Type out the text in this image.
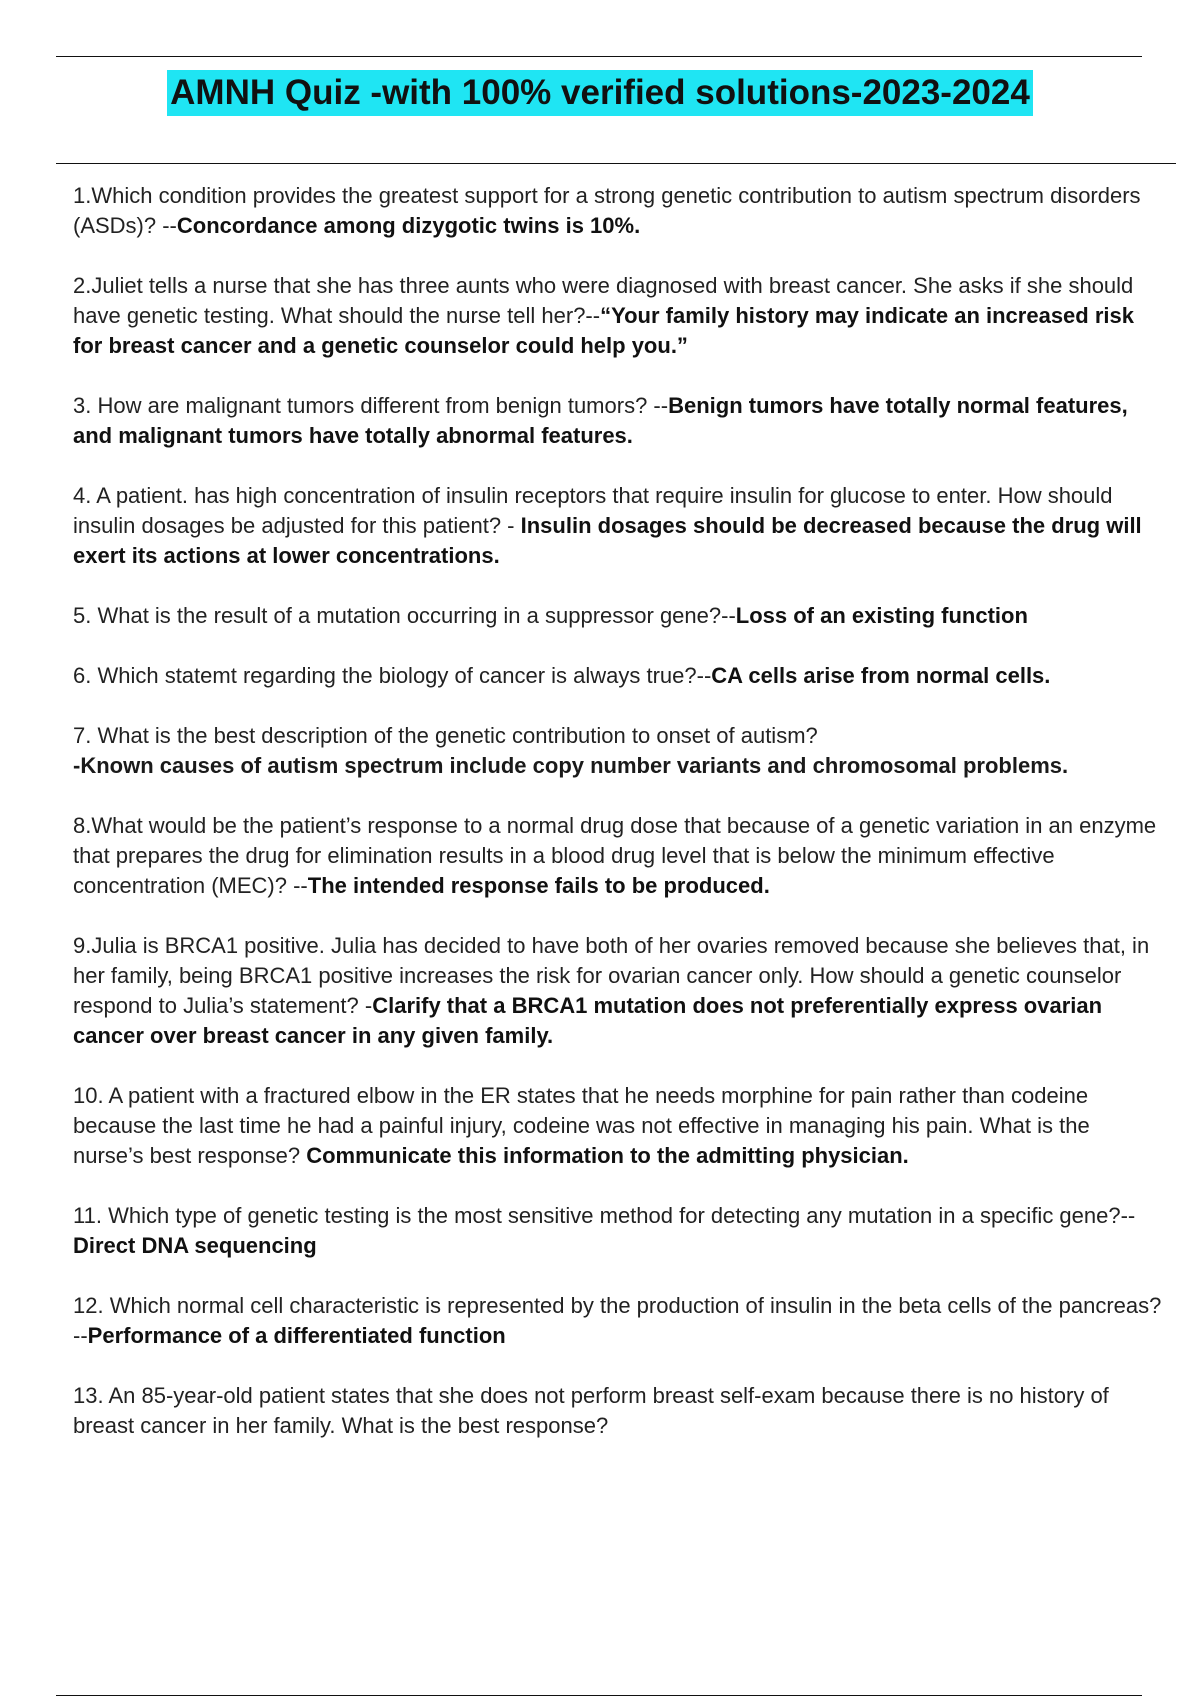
AMNH Quiz -with 100% verified solutions-2023-2024

1.Which condition provides the greatest support for a strong genetic contribution to autism spectrum disorders (ASDs)? --Concordance among dizygotic twins is 10%.

2.Juliet tells a nurse that she has three aunts who were diagnosed with breast cancer. She asks if she should have genetic testing. What should the nurse tell her?--“Your family history may indicate an increased risk for breast cancer and a genetic counselor could help you.”

3. How are malignant tumors different from benign tumors? --Benign tumors have totally normal features, and malignant tumors have totally abnormal features.

4. A patient. has high concentration of insulin receptors that require insulin for glucose to enter. How should insulin dosages be adjusted for this patient? - Insulin dosages should be decreased because the drug will exert its actions at lower concentrations.

5. What is the result of a mutation occurring in a suppressor gene?--Loss of an existing function

6. Which statemt regarding the biology of cancer is always true?--CA cells arise from normal cells.

7. What is the best description of the genetic contribution to onset of autism?
-Known causes of autism spectrum include copy number variants and chromosomal problems.

8.What would be the patient’s response to a normal drug dose that because of a genetic variation in an enzyme that prepares the drug for elimination results in a blood drug level that is below the minimum effective concentration (MEC)? --The intended response fails to be produced.

9.Julia is BRCA1 positive. Julia has decided to have both of her ovaries removed because she believes that, in her family, being BRCA1 positive increases the risk for ovarian cancer only. How should a genetic counselor respond to Julia’s statement? -Clarify that a BRCA1 mutation does not preferentially express ovarian cancer over breast cancer in any given family.

10. A patient with a fractured elbow in the ER states that he needs morphine for pain rather than codeine because the last time he had a painful injury, codeine was not effective in managing his pain. What is the nurse’s best response? Communicate this information to the admitting physician.

11. Which type of genetic testing is the most sensitive method for detecting any mutation in a specific gene?--Direct DNA sequencing

12. Which normal cell characteristic is represented by the production of insulin in the beta cells of the pancreas? --Performance of a differentiated function

13. An 85-year-old patient states that she does not perform breast self-exam because there is no history of breast cancer in her family. What is the best response?
